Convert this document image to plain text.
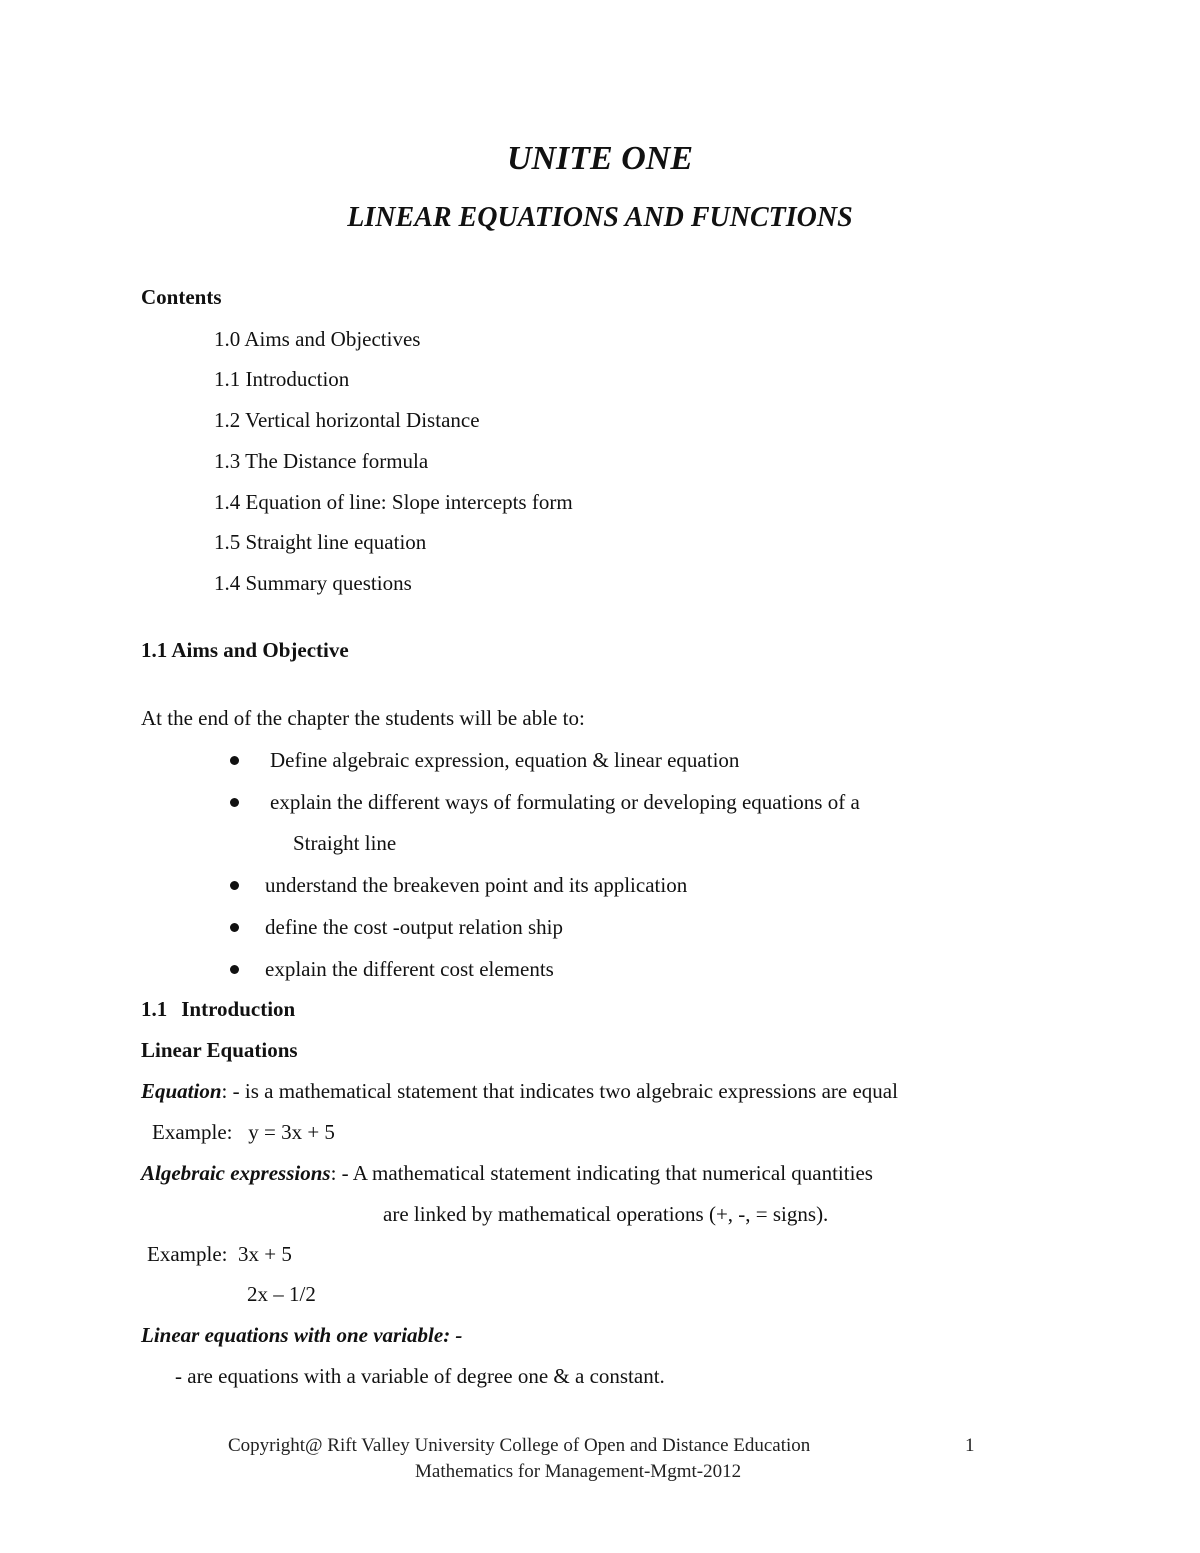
UNITE ONE
LINEAR EQUATIONS AND FUNCTIONS
Contents
1.0 Aims and Objectives
1.1 Introduction
1.2 Vertical horizontal Distance
1.3 The Distance formula
1.4 Equation of line: Slope intercepts form
1.5 Straight line equation
1.4 Summary questions
1.1 Aims and Objective
At the end of the chapter the students will be able to:
Define algebraic expression, equation & linear equation
explain the different ways of formulating or developing equations of a
Straight line
understand the breakeven point and its application
define the cost -output relation ship
explain the different cost elements
1.1 Introduction
Linear Equations
Equation: - is a mathematical statement that indicates two algebraic expressions are equal
Example:   y = 3x + 5
Algebraic expressions: - A mathematical statement indicating that numerical quantities
are linked by mathematical operations (+, -, = signs).
Example:  3x + 5
2x – 1/2
Linear equations with one variable: -
- are equations with a variable of degree one & a constant.
Copyright@ Rift Valley University College of Open and Distance Education	1
Mathematics for Management-Mgmt-2012
